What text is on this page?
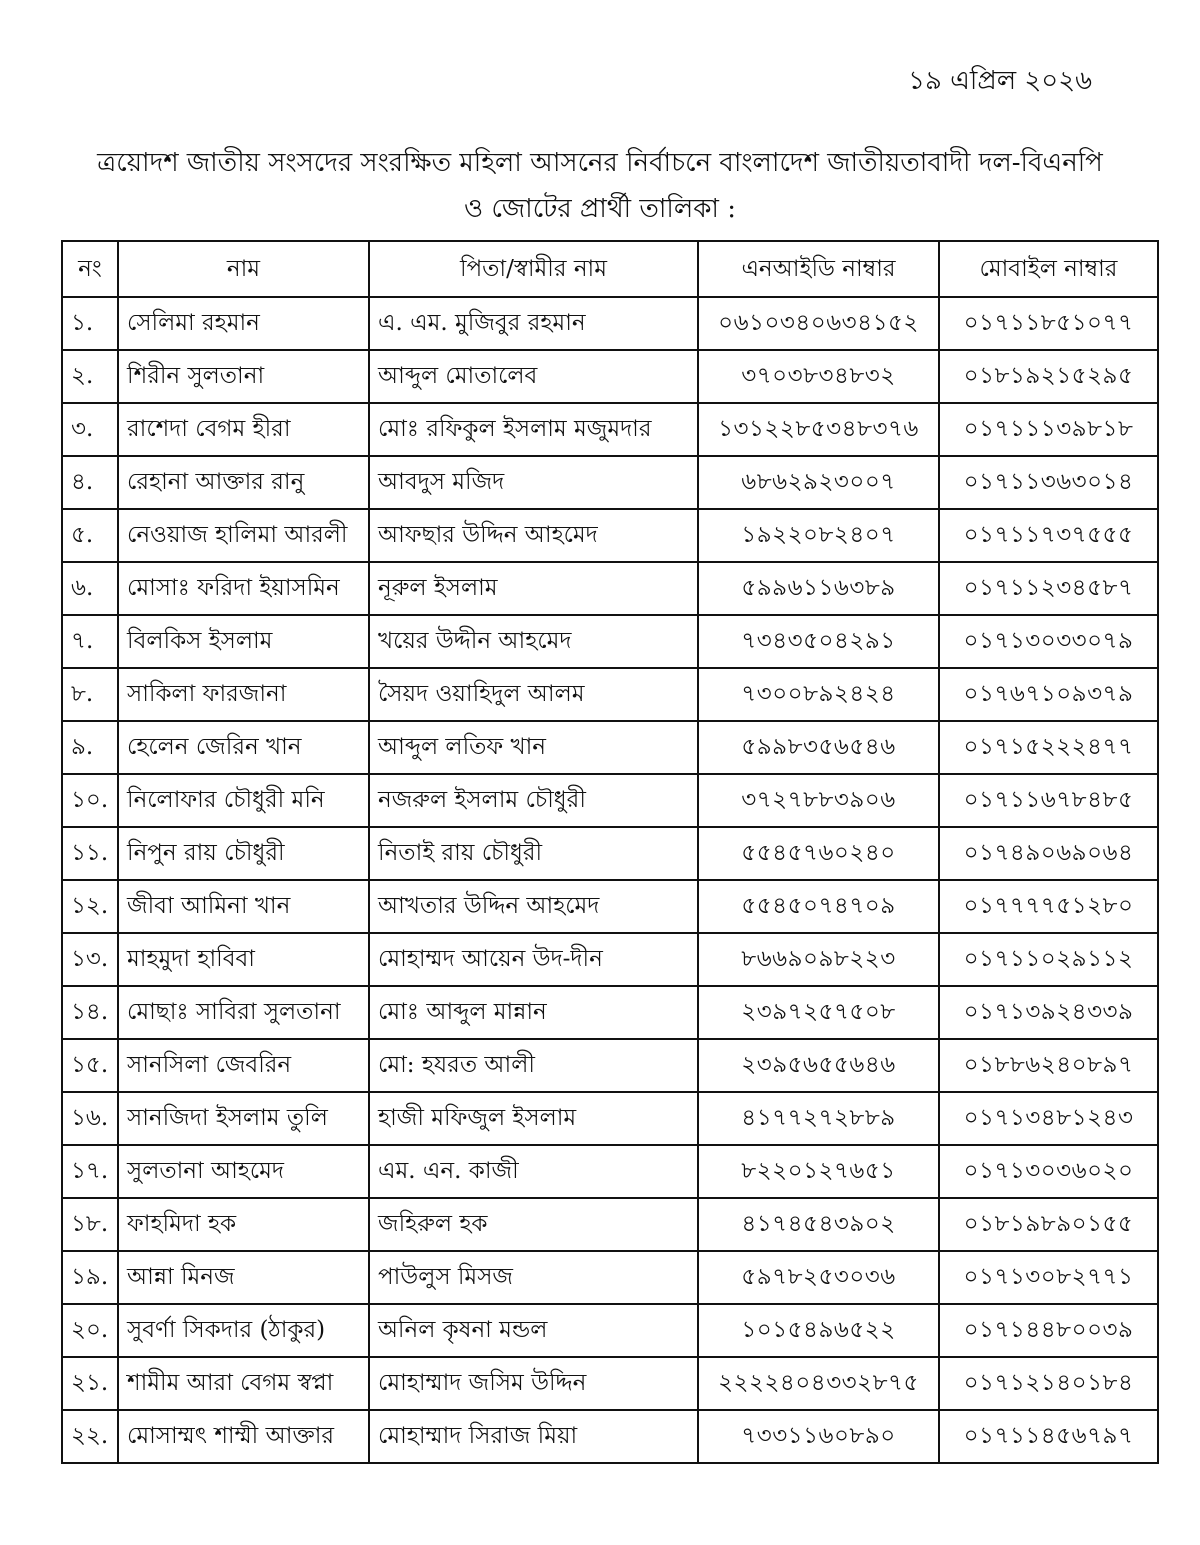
১৯ এপ্রিল ২০২৬
ত্রয়োদশ জাতীয় সংসদের সংরক্ষিত মহিলা আসনের নির্বাচনে বাংলাদেশ জাতীয়তাবাদী দল-বিএনপি
ও জোটের প্রার্থী তালিকা :
নং	নাম	পিতা/স্বামীর নাম	এনআইডি নাম্বার	মোবাইল নাম্বার
১.	সেলিমা রহমান	এ. এম. মুজিবুর রহমান	০৬১০৩৪০৬৩৪১৫২	০১৭১১৮৫১০৭৭
২.	শিরীন সুলতানা	আব্দুল মোতালেব	৩৭০৩৮৩৪৮৩২	০১৮১৯২১৫২৯৫
৩.	রাশেদা বেগম হীরা	মোঃ রফিকুল ইসলাম মজুমদার	১৩১২২৮৫৩৪৮৩৭৬	০১৭১১১৩৯৮১৮
৪.	রেহানা আক্তার রানু	আবদুস মজিদ	৬৮৬২৯২৩০০৭	০১৭১১৩৬৩০১৪
৫.	নেওয়াজ হালিমা আরলী	আফছার উদ্দিন আহমেদ	১৯২২০৮২৪০৭	০১৭১১৭৩৭৫৫৫
৬.	মোসাঃ ফরিদা ইয়াসমিন	নূরুল ইসলাম	৫৯৯৬১১৬৩৮৯	০১৭১১২৩৪৫৮৭
৭.	বিলকিস ইসলাম	খয়ের উদ্দীন আহমেদ	৭৩৪৩৫০৪২৯১	০১৭১৩০৩৩০৭৯
৮.	সাকিলা ফারজানা	সৈয়দ ওয়াহিদুল আলম	৭৩০০৮৯২৪২৪	০১৭৬৭১০৯৩৭৯
৯.	হেলেন জেরিন খান	আব্দুল লতিফ খান	৫৯৯৮৩৫৬৫৪৬	০১৭১৫২২২৪৭৭
১০.	নিলোফার চৌধুরী মনি	নজরুল ইসলাম চৌধুরী	৩৭২৭৮৮৩৯০৬	০১৭১১৬৭৮৪৮৫
১১.	নিপুন রায় চৌধুরী	নিতাই রায় চৌধুরী	৫৫৪৫৭৬০২৪০	০১৭৪৯০৬৯০৬৪
১২.	জীবা আমিনা খান	আখতার উদ্দিন আহমেদ	৫৫৪৫০৭৪৭০৯	০১৭৭৭৭৫১২৮০
১৩.	মাহমুদা হাবিবা	মোহাম্মদ আয়েন উদ-দীন	৮৬৬৯০৯৮২২৩	০১৭১১০২৯১১২
১৪.	মোছাঃ সাবিরা সুলতানা	মোঃ আব্দুল মান্নান	২৩৯৭২৫৭৫০৮	০১৭১৩৯২৪৩৩৯
১৫.	সানসিলা জেবরিন	মো: হযরত আলী	২৩৯৫৬৫৫৬৪৬	০১৮৮৬২৪০৮৯৭
১৬.	সানজিদা ইসলাম তুলি	হাজী মফিজুল ইসলাম	৪১৭৭২৭২৮৮৯	০১৭১৩৪৮১২৪৩
১৭.	সুলতানা আহমেদ	এম. এন. কাজী	৮২২০১২৭৬৫১	০১৭১৩০৩৬০২০
১৮.	ফাহমিদা হক	জহিরুল হক	৪১৭৪৫৪৩৯০২	০১৮১৯৮৯০১৫৫
১৯.	আন্না মিনজ	পাউলুস মিসজ	৫৯৭৮২৫৩০৩৬	০১৭১৩০৮২৭৭১
২০.	সুবর্ণা সিকদার (ঠাকুর)	অনিল কৃষনা মন্ডল	১০১৫৪৯৬৫২২	০১৭১৪৪৮০০৩৯
২১.	শামীম আরা বেগম স্বপ্না	মোহাম্মাদ জসিম উদ্দিন	২২২২৪০৪৩৩২৮৭৫	০১৭১২১৪০১৮৪
২২.	মোসাম্মৎ শাম্মী আক্তার	মোহাম্মাদ সিরাজ মিয়া	৭৩৩১১৬০৮৯০	০১৭১১৪৫৬৭৯৭
